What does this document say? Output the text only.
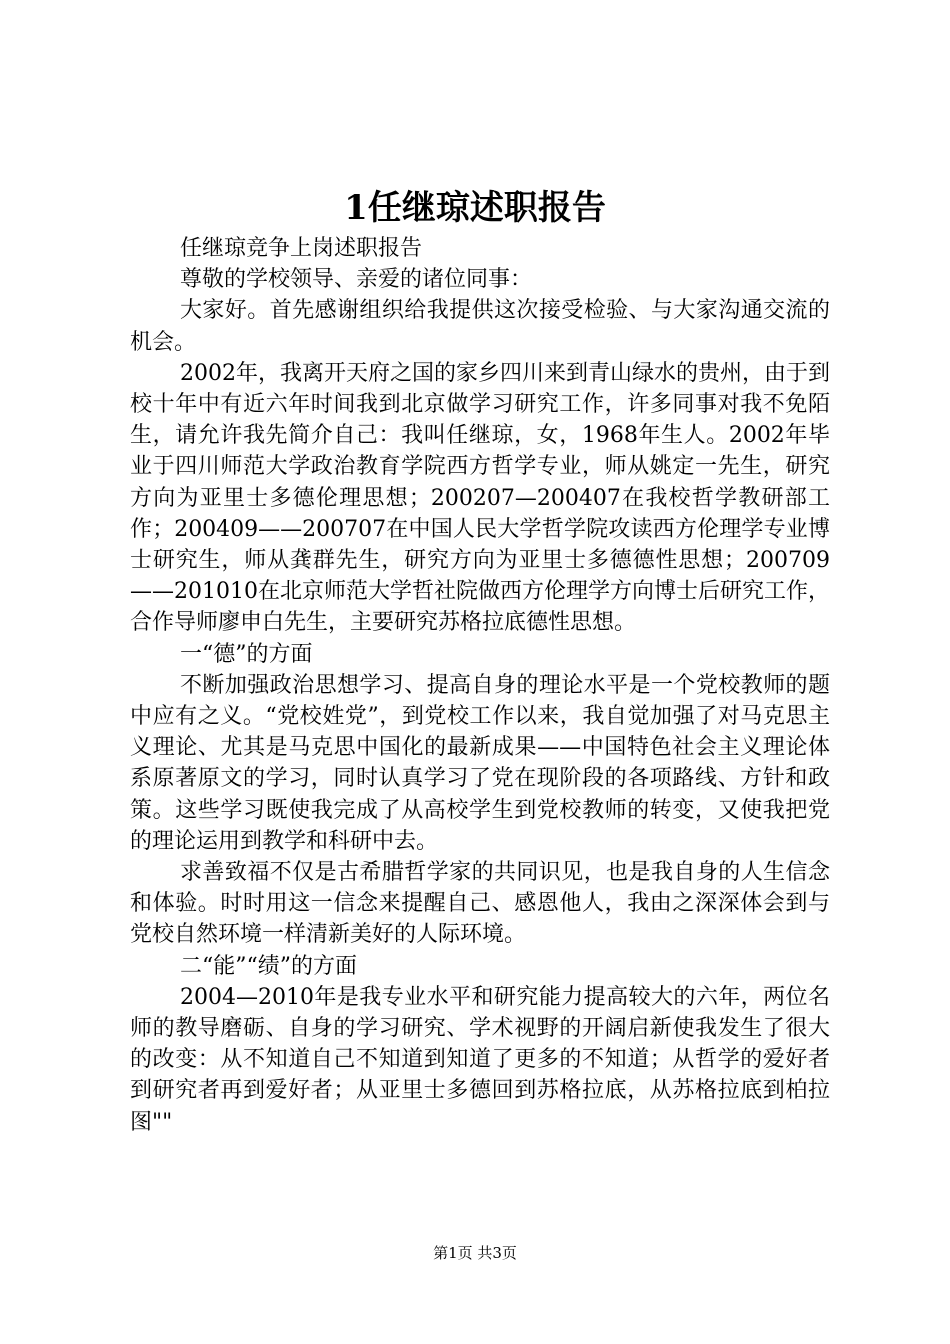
1任继琼述职报告

任继琼竞争上岗述职报告

尊敬的学校领导、亲爱的诸位同事：

大家好。首先感谢组织给我提供这次接受检验、与大家沟通交流的机会。

2002年，我离开天府之国的家乡四川来到青山绿水的贵州，由于到校十年中有近六年时间我到北京做学习研究工作，许多同事对我不免陌生，请允许我先简介自己：我叫任继琼，女，1968年生人。2002年毕业于四川师范大学政治教育学院西方哲学专业，师从姚定一先生，研究方向为亚里士多德伦理思想；200207—200407在我校哲学教研部工作；200409——200707在中国人民大学哲学院攻读西方伦理学专业博士研究生，师从龚群先生，研究方向为亚里士多德德性思想；200709——201010在北京师范大学哲社院做西方伦理学方向博士后研究工作，合作导师廖申白先生，主要研究苏格拉底德性思想。

一“德”的方面

不断加强政治思想学习、提高自身的理论水平是一个党校教师的题中应有之义。“党校姓党”，到党校工作以来，我自觉加强了对马克思主义理论、尤其是马克思中国化的最新成果——中国特色社会主义理论体系原著原文的学习，同时认真学习了党在现阶段的各项路线、方针和政策。这些学习既使我完成了从高校学生到党校教师的转变，又使我把党的理论运用到教学和科研中去。

求善致福不仅是古希腊哲学家的共同识见，也是我自身的人生信念和体验。时时用这一信念来提醒自己、感恩他人，我由之深深体会到与党校自然环境一样清新美好的人际环境。

二“能”“绩”的方面

2004—2010年是我专业水平和研究能力提高较大的六年，两位名师的教导磨砺、自身的学习研究、学术视野的开阔启新使我发生了很大的改变：从不知道自己不知道到知道了更多的不知道；从哲学的爱好者到研究者再到爱好者；从亚里士多德回到苏格拉底，从苏格拉底到柏拉图""

第1页 共3页
